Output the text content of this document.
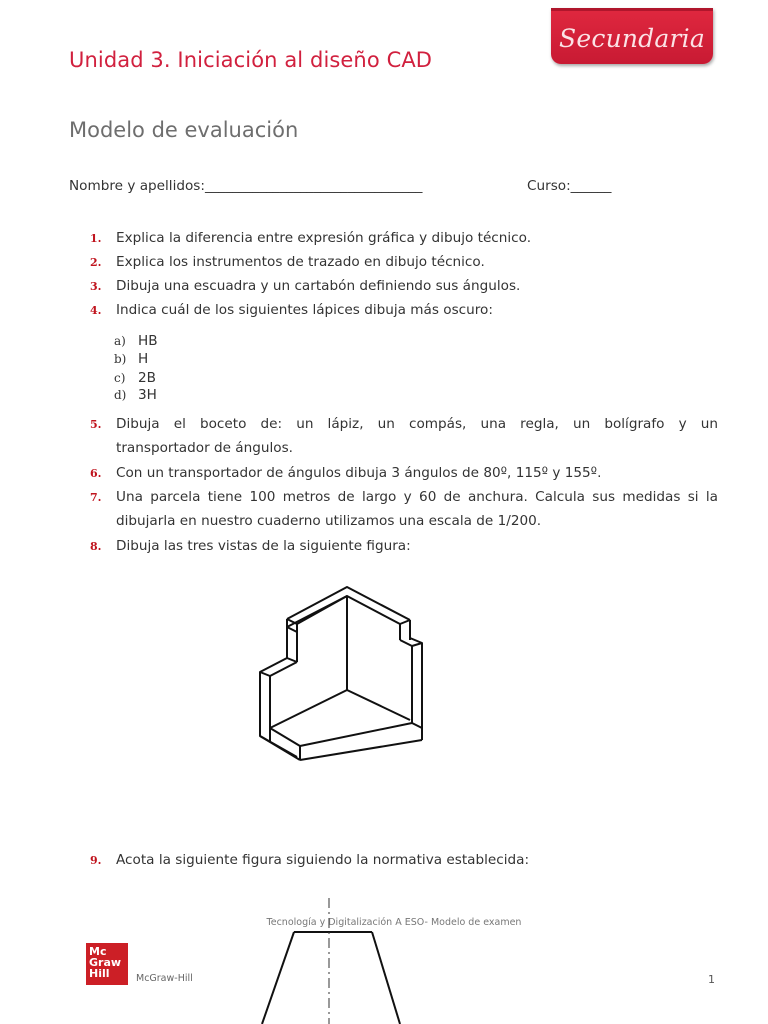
Unidad 3. Iniciación al diseño CAD
Secundaria
Modelo de evaluación
Nombre y apellidos:________________________________	Curso:______
1.	Explica la diferencia entre expresión gráfica y dibujo técnico.
2.	Explica los instrumentos de trazado en dibujo técnico.
3.	Dibuja una escuadra y un cartabón definiendo sus ángulos.
4.	Indica cuál de los siguientes lápices dibuja más oscuro:
a) HB
b) H
c) 2B
d) 3H
5.	Dibuja el boceto de: un lápiz, un compás, una regla, un bolígrafo y un
transportador de ángulos.
6.	Con un transportador de ángulos dibuja 3 ángulos de 80º, 115º y 155º.
7.	Una parcela tiene 100 metros de largo y 60 de anchura. Calcula sus medidas si la
dibujarla en nuestro cuaderno utilizamos una escala de 1/200.
8.	Dibuja las tres vistas de la siguiente figura:
9.	Acota la siguiente figura siguiendo la normativa establecida:
Tecnología y Digitalización A ESO- Modelo de examen
Mc
Graw
Hill	McGraw-Hill	1
